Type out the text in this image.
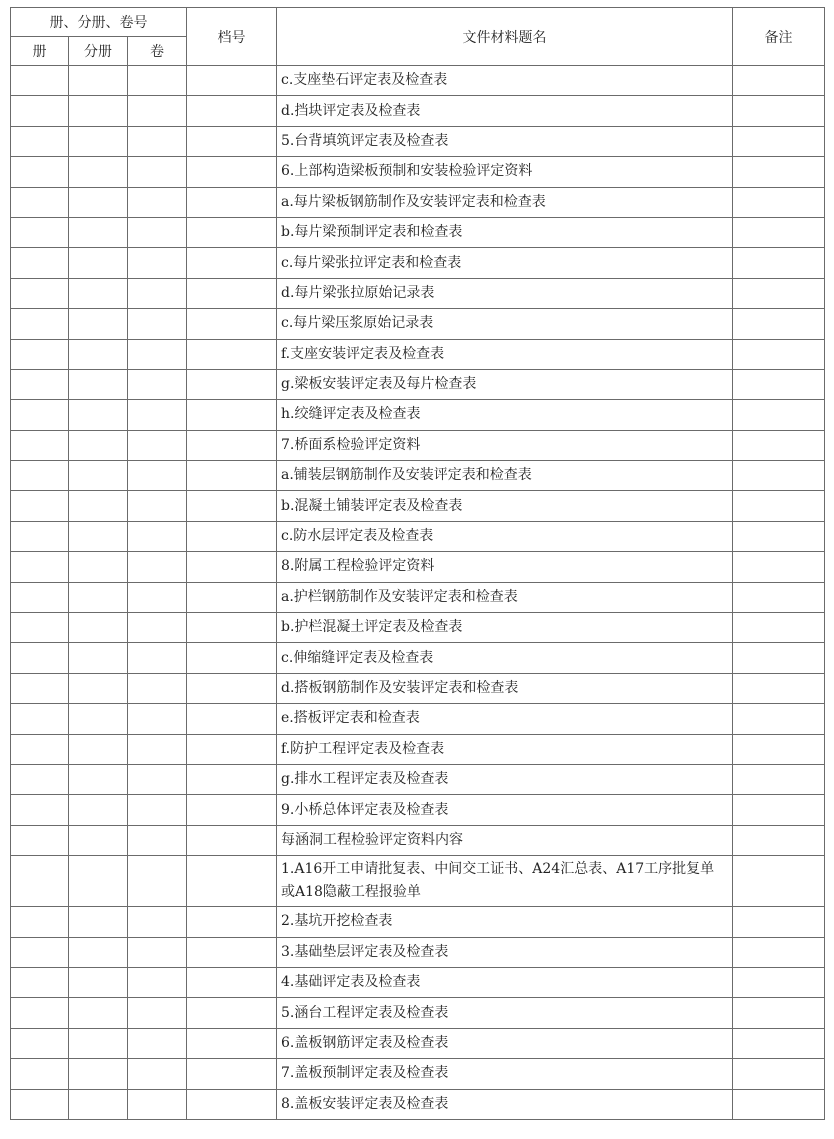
册、分册、卷号			档号	文件材料题名	备注
册	分册	卷			
				c.支座垫石评定表及检查表	
				d.挡块评定表及检查表	
				5.台背填筑评定表及检查表	
				6.上部构造梁板预制和安装检验评定资料	
				a.每片梁板钢筋制作及安装评定表和检查表	
				b.每片梁预制评定表和检查表	
				c.每片梁张拉评定表和检查表	
				d.每片梁张拉原始记录表	
				c.每片梁压浆原始记录表	
				f.支座安装评定表及检查表	
				g.梁板安装评定表及每片检查表	
				h.绞缝评定表及检查表	
				7.桥面系检验评定资料	
				a.铺装层钢筋制作及安装评定表和检查表	
				b.混凝土铺装评定表及检查表	
				c.防水层评定表及检查表	
				8.附属工程检验评定资料	
				a.护栏钢筋制作及安装评定表和检查表	
				b.护栏混凝土评定表及检查表	
				c.伸缩缝评定表及检查表	
				d.搭板钢筋制作及安装评定表和检查表	
				e.搭板评定表和检查表	
				f.防护工程评定表及检查表	
				g.排水工程评定表及检查表	
				9.小桥总体评定表及检查表	
				每涵洞工程检验评定资料内容	
				1.A16开工申请批复表、中间交工证书、A24汇总表、A17工序批复单或A18隐蔽工程报验单	
				2.基坑开挖检查表	
				3.基础垫层评定表及检查表	
				4.基础评定表及检查表	
				5.涵台工程评定表及检查表	
				6.盖板钢筋评定表及检查表	
				7.盖板预制评定表及检查表	
				8.盖板安装评定表及检查表	
